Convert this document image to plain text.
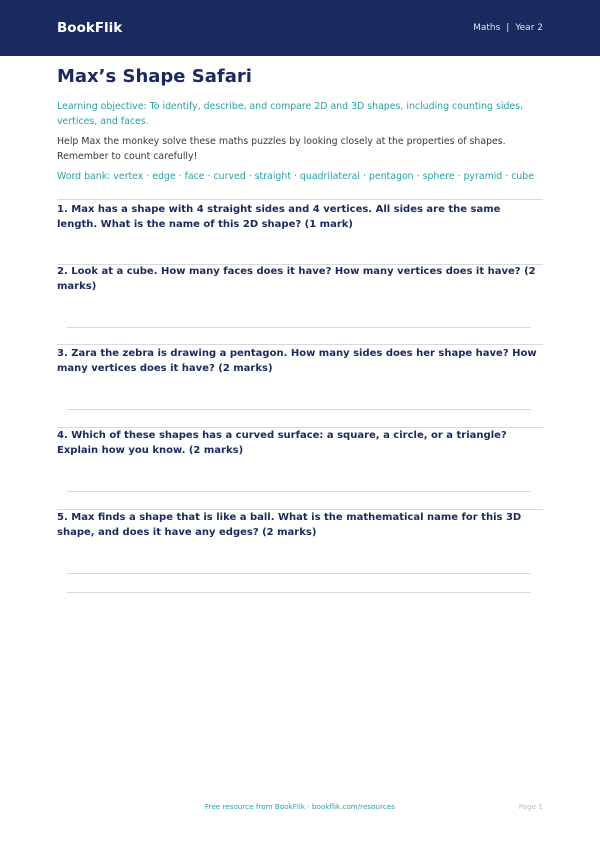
BookFlik	Maths | Year 2
Max’s Shape Safari
Learning objective: To identify, describe, and compare 2D and 3D shapes, including counting sides, vertices, and faces.
Help Max the monkey solve these maths puzzles by looking closely at the properties of shapes. Remember to count carefully!
Word bank: vertex · edge · face · curved · straight · quadrilateral · pentagon · sphere · pyramid · cube
1. Max has a shape with 4 straight sides and 4 vertices. All sides are the same length. What is the name of this 2D shape? (1 mark)
2. Look at a cube. How many faces does it have? How many vertices does it have? (2 marks)
3. Zara the zebra is drawing a pentagon. How many sides does her shape have? How many vertices does it have? (2 marks)
4. Which of these shapes has a curved surface: a square, a circle, or a triangle? Explain how you know. (2 marks)
5. Max finds a shape that is like a ball. What is the mathematical name for this 3D shape, and does it have any edges? (2 marks)
Free resource from BookFlik · bookflik.com/resources	Page 1
